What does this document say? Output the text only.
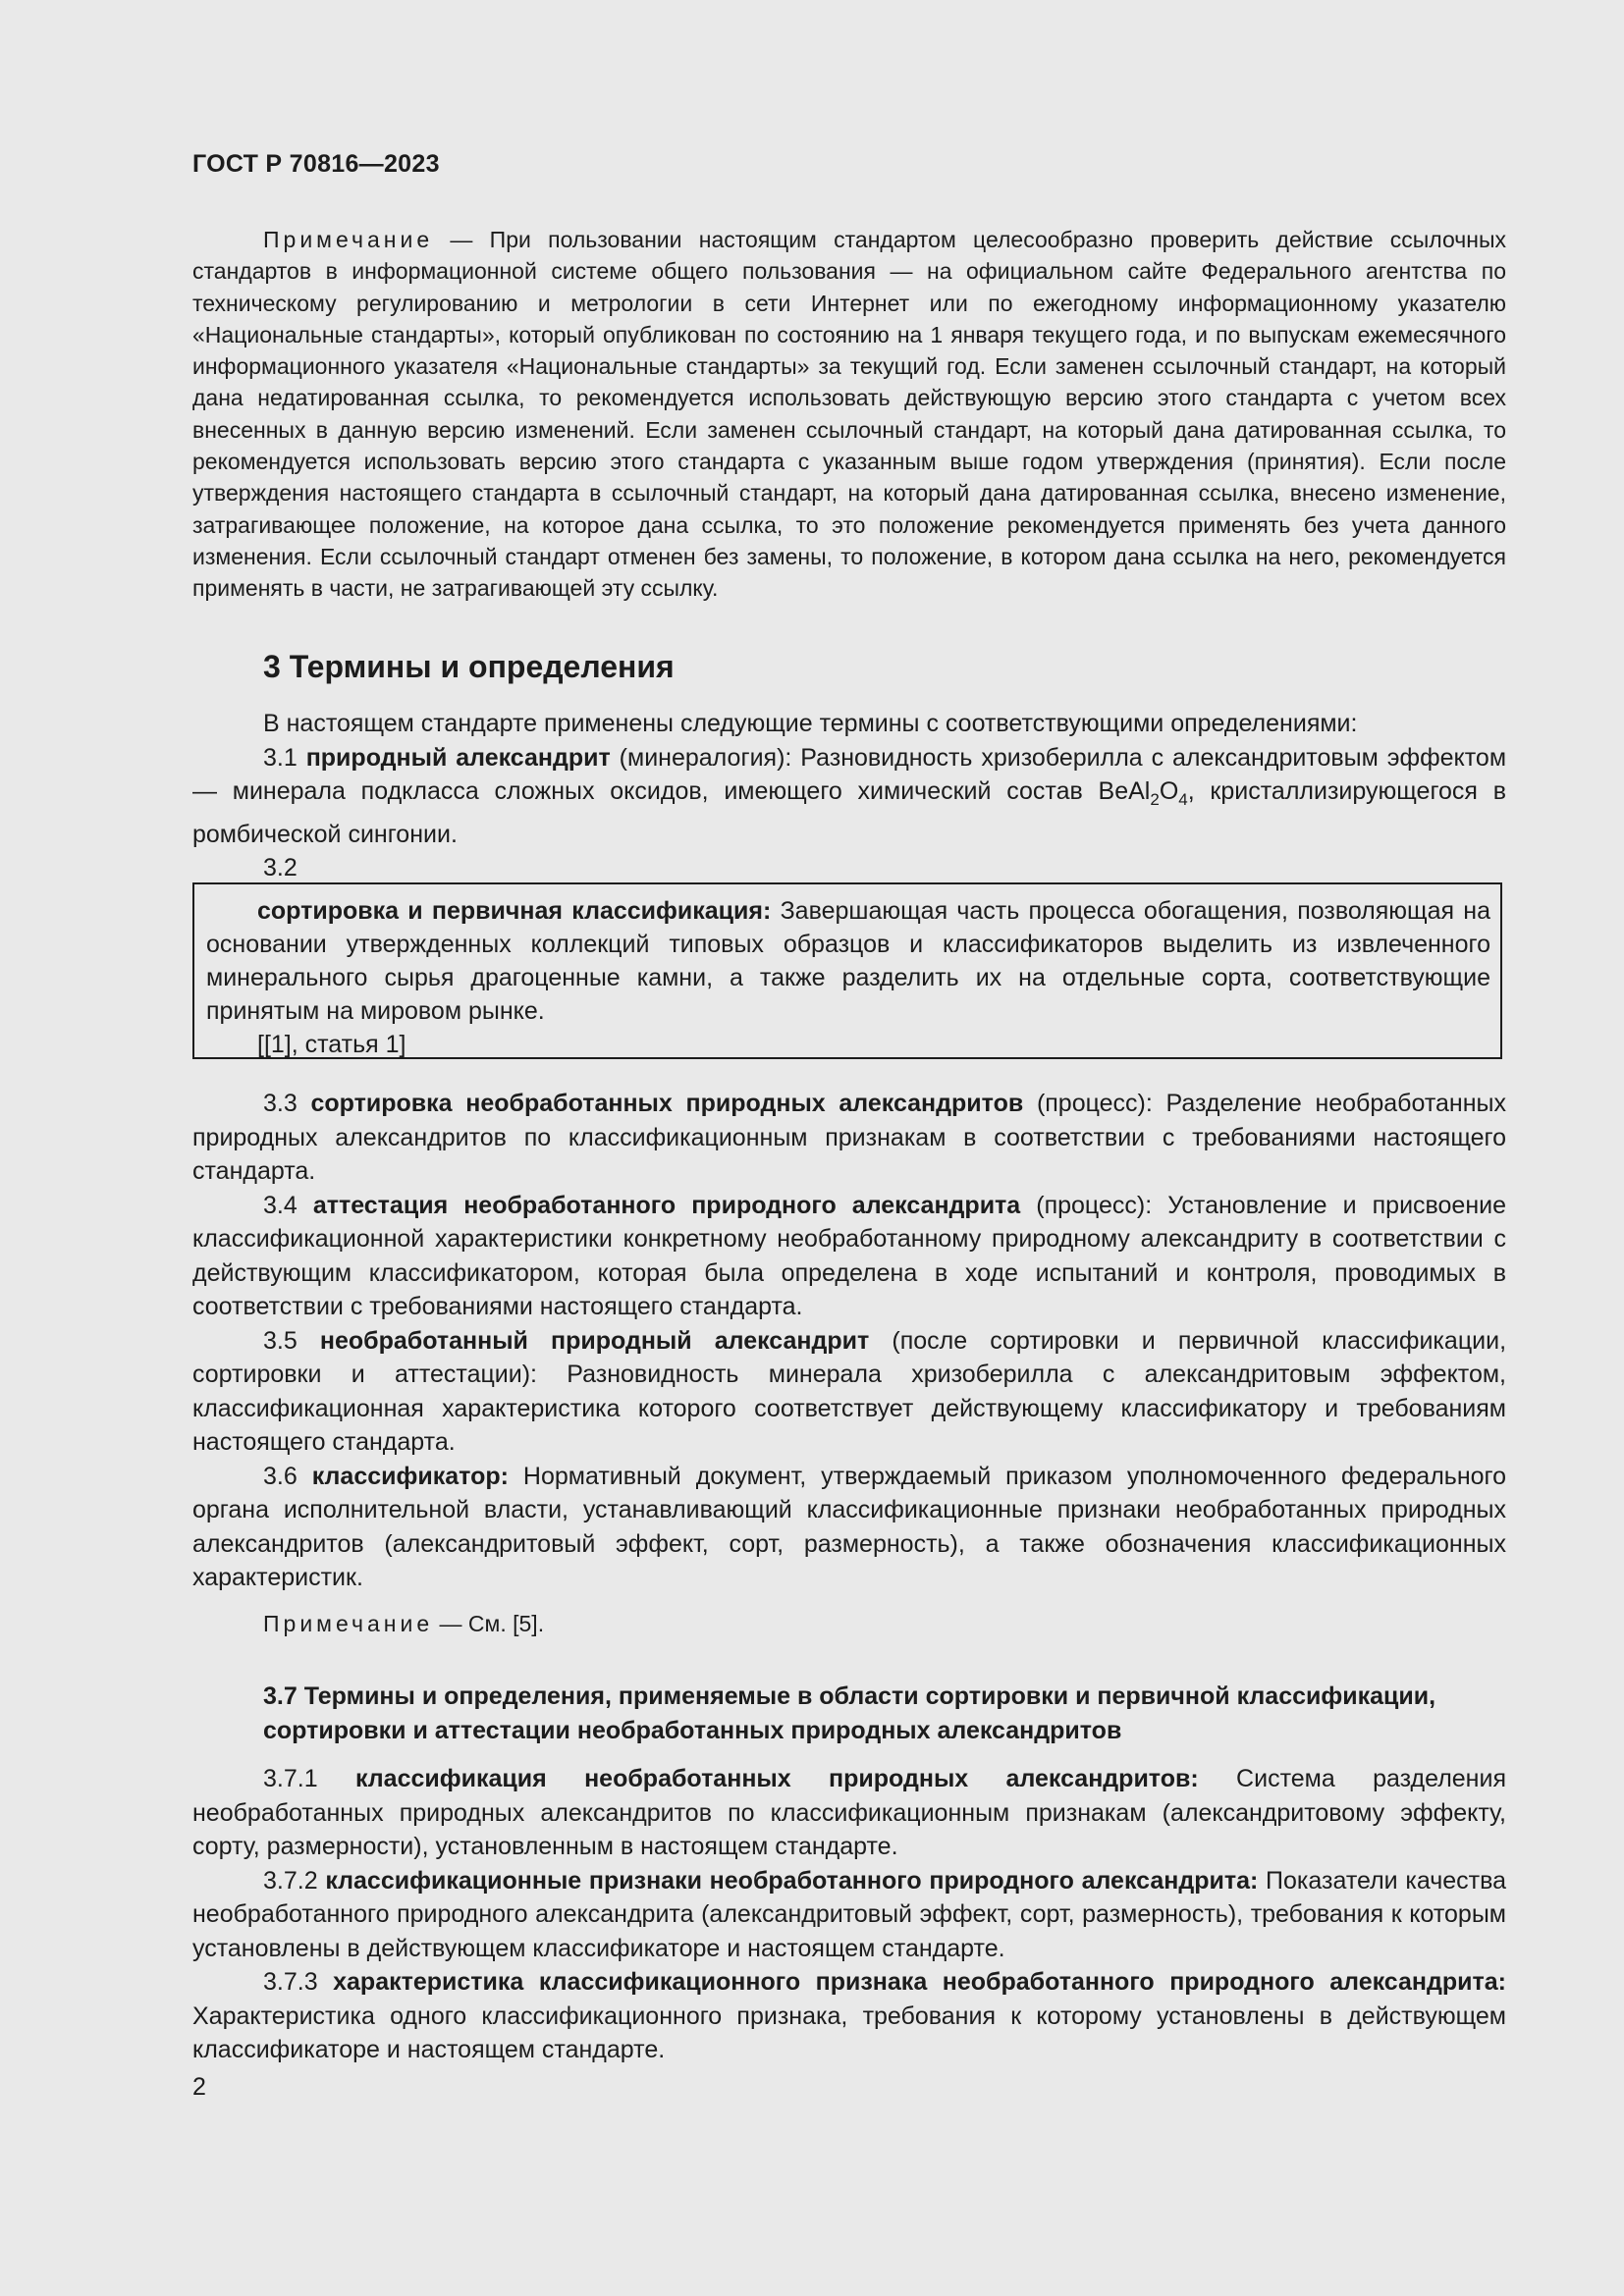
ГОСТ Р 70816—2023
Примечание — При пользовании настоящим стандартом целесообразно проверить действие ссылочных стандартов в информационной системе общего пользования — на официальном сайте Федерального агентства по техническому регулированию и метрологии в сети Интернет или по ежегодному информационному указателю «Национальные стандарты», который опубликован по состоянию на 1 января текущего года, и по выпускам ежемесячного информационного указателя «Национальные стандарты» за текущий год. Если заменен ссылочный стандарт, на который дана недатированная ссылка, то рекомендуется использовать действующую версию этого стандарта с учетом всех внесенных в данную версию изменений. Если заменен ссылочный стандарт, на который дана датированная ссылка, то рекомендуется использовать версию этого стандарта с указанным выше годом утверждения (принятия). Если после утверждения настоящего стандарта в ссылочный стандарт, на который дана датированная ссылка, внесено изменение, затрагивающее положение, на которое дана ссылка, то это положение рекомендуется применять без учета данного изменения. Если ссылочный стандарт отменен без замены, то положение, в котором дана ссылка на него, рекомендуется применять в части, не затрагивающей эту ссылку.
3 Термины и определения

В настоящем стандарте применены следующие термины с соответствующими определениями:

3.1 природный александрит (минералогия): Разновидность хризоберилла с александритовым эффектом — минерала подкласса сложных оксидов, имеющего химический состав $BeAl_2O_4$, кристаллизирующегося в ромбической сингонии.

3.2

сортировка и первичная классификация: Завершающая часть процесса обогащения, позволяющая на основании утвержденных коллекций типовых образцов и классификаторов выделить из извлеченного минерального сырья драгоценные камни, а также разделить их на отдельные сорта, соответствующие принятым на мировом рынке.
[[1], статья 1]

3.3 сортировка необработанных природных александритов (процесс): Разделение необработанных природных александритов по классификационным признакам в соответствии с требованиями настоящего стандарта.

3.4 аттестация необработанного природного александрита (процесс): Установление и присвоение классификационной характеристики конкретному необработанному природному александриту в соответствии с действующим классификатором, которая была определена в ходе испытаний и контроля, проводимых в соответствии с требованиями настоящего стандарта.

3.5 необработанный природный александрит (после сортировки и первичной классификации, сортировки и аттестации): Разновидность минерала хризоберилла с александритовым эффектом, классификационная характеристика которого соответствует действующему классификатору и требованиям настоящего стандарта.

3.6 классификатор: Нормативный документ, утверждаемый приказом уполномоченного федерального органа исполнительной власти, устанавливающий классификационные признаки необработанных природных александритов (александритовый эффект, сорт, размерность), а также обозначения классификационных характеристик.

Примечание — См. [5].
3.7 Термины и определения, применяемые в области сортировки и первичной классификации, сортировки и аттестации необработанных природных александритов

3.7.1 классификация необработанных природных александритов: Система разделения необработанных природных александритов по классификационным признакам (александритовому эффекту, сорту, размерности), установленным в настоящем стандарте.

3.7.2 классификационные признаки необработанного природного александрита: Показатели качества необработанного природного александрита (александритовый эффект, сорт, размерность), требования к которым установлены в действующем классификаторе и настоящем стандарте.

3.7.3 характеристика классификационного признака необработанного природного александрита: Характеристика одного классификационного признака, требования к которому установлены в действующем классификаторе и настоящем стандарте.

2
